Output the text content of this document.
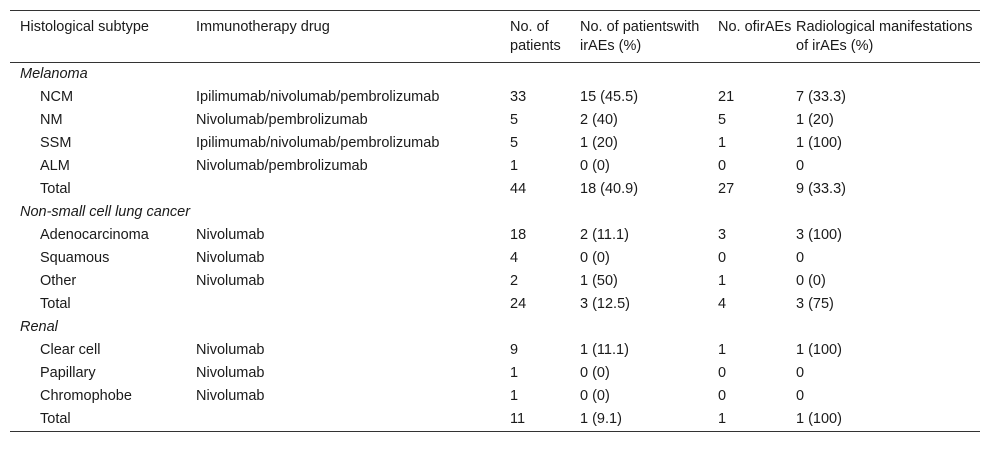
Histological subtype	Immunotherapy drug	No. of patients	No. of patientswith irAEs (%)	No. ofirAEs	Radiological manifestations of irAEs (%)
Melanoma					
NCM	Ipilimumab/nivolumab/pembrolizumab	33	15 (45.5)	21	7 (33.3)
NM	Nivolumab/pembrolizumab	5	2 (40)	5	1 (20)
SSM	Ipilimumab/nivolumab/pembrolizumab	5	1 (20)	1	1 (100)
ALM	Nivolumab/pembrolizumab	1	0 (0)	0	0
Total		44	18 (40.9)	27	9 (33.3)
Non-small cell lung cancer					
Adenocarcinoma	Nivolumab	18	2 (11.1)	3	3 (100)
Squamous	Nivolumab	4	0 (0)	0	0
Other	Nivolumab	2	1 (50)	1	0 (0)
Total		24	3 (12.5)	4	3 (75)
Renal					
Clear cell	Nivolumab	9	1 (11.1)	1	1 (100)
Papillary	Nivolumab	1	0 (0)	0	0
Chromophobe	Nivolumab	1	0 (0)	0	0
Total		11	1 (9.1)	1	1 (100)
